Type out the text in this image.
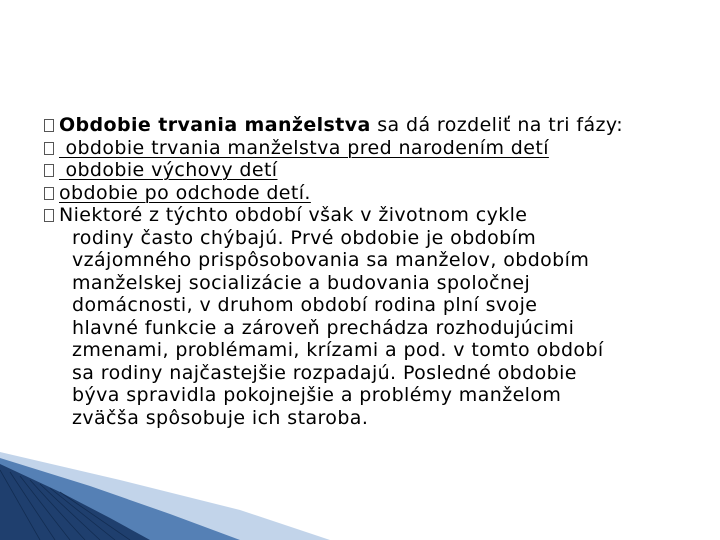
Obdobie trvania manželstva sa dá rozdeliť na tri fázy:
obdobie trvania manželstva pred narodením detí
obdobie výchovy detí
obdobie po odchode detí.
Niektoré z týchto období však v životnom cykle
rodiny často chýbajú. Prvé obdobie je obdobím
vzájomného prispôsobovania sa manželov, obdobím
manželskej socializácie a budovania spoločnej
domácnosti, v druhom období rodina plní svoje
hlavné funkcie a zároveň prechádza rozhodujúcimi
zmenami, problémami, krízami a pod. v tomto období
sa rodiny najčastejšie rozpadajú. Posledné obdobie
býva spravidla pokojnejšie a problémy manželom
zväčša spôsobuje ich staroba.
